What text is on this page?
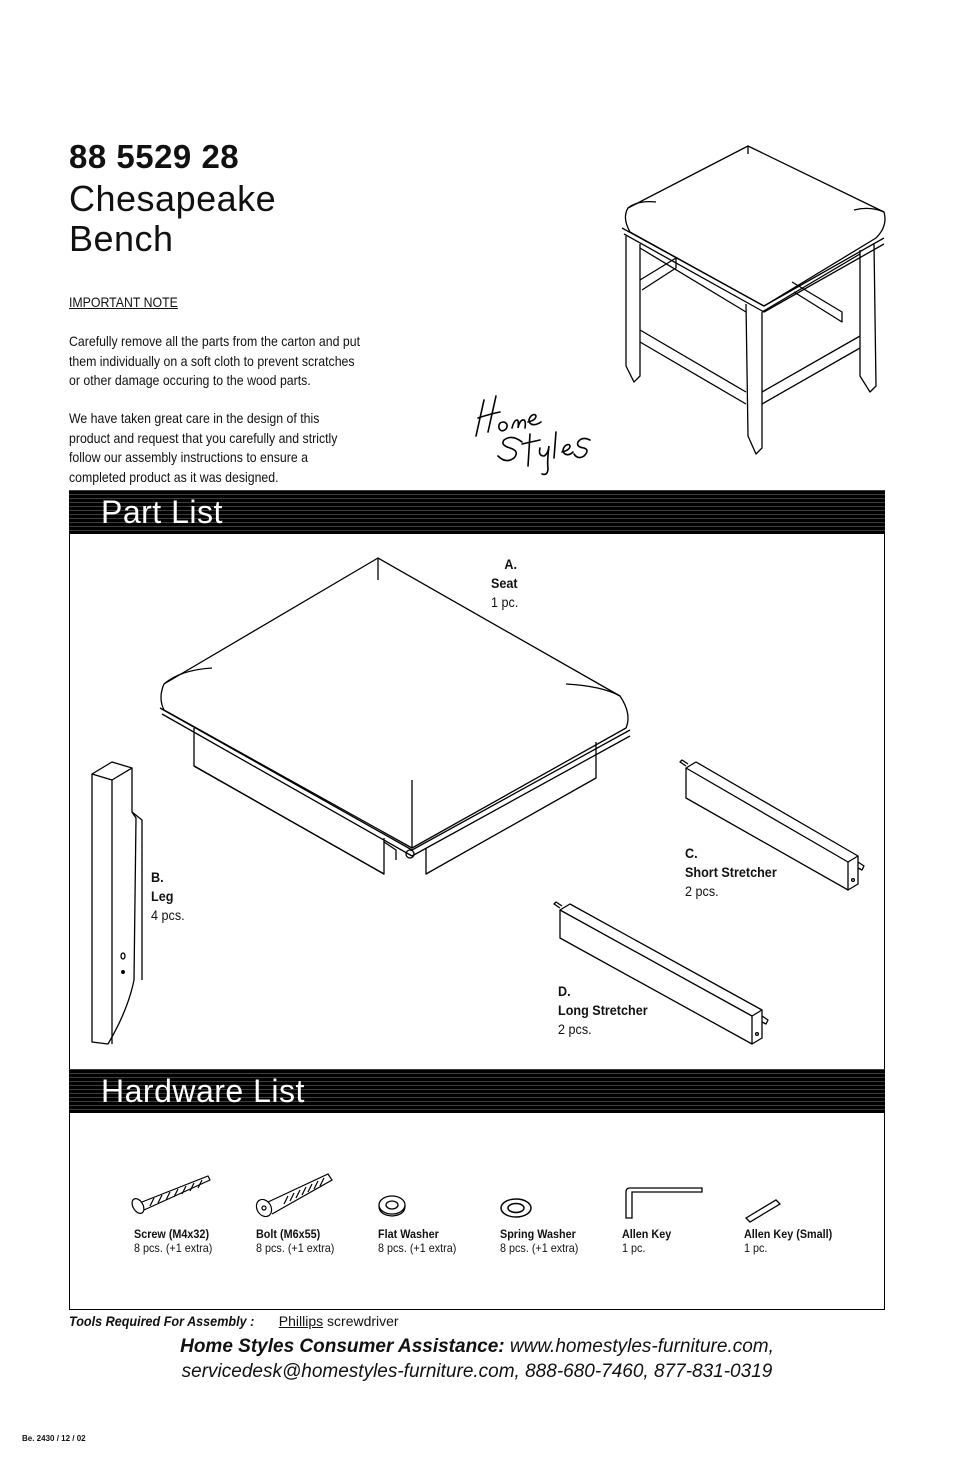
88 5529 28
Chesapeake
Bench
IMPORTANT NOTE
Carefully remove all the parts from the carton and put
them individually on a soft cloth to prevent scratches
or other damage occuring to the wood parts.
We have taken great care in the design of this
product and request that you carefully and strictly
follow our assembly instructions to ensure a
completed product as it was designed.
Part List
A.
Seat
1 pc.
B.
Leg
4 pcs.
C.
Short Stretcher
2 pcs.
D.
Long Stretcher
2 pcs.
Hardware List
Screw (M4x32)
8 pcs. (+1 extra)
Bolt (M6x55)
8 pcs. (+1 extra)
Flat Washer
8 pcs. (+1 extra)
Spring Washer
8 pcs. (+1 extra)
Allen Key
1 pc.
Allen Key (Small)
1 pc.
Tools Required For Assembly : Phillips screwdriver
Home Styles Consumer Assistance: www.homestyles-furniture.com,
servicedesk@homestyles-furniture.com, 888-680-7460, 877-831-0319
Be. 2430 / 12 / 02
